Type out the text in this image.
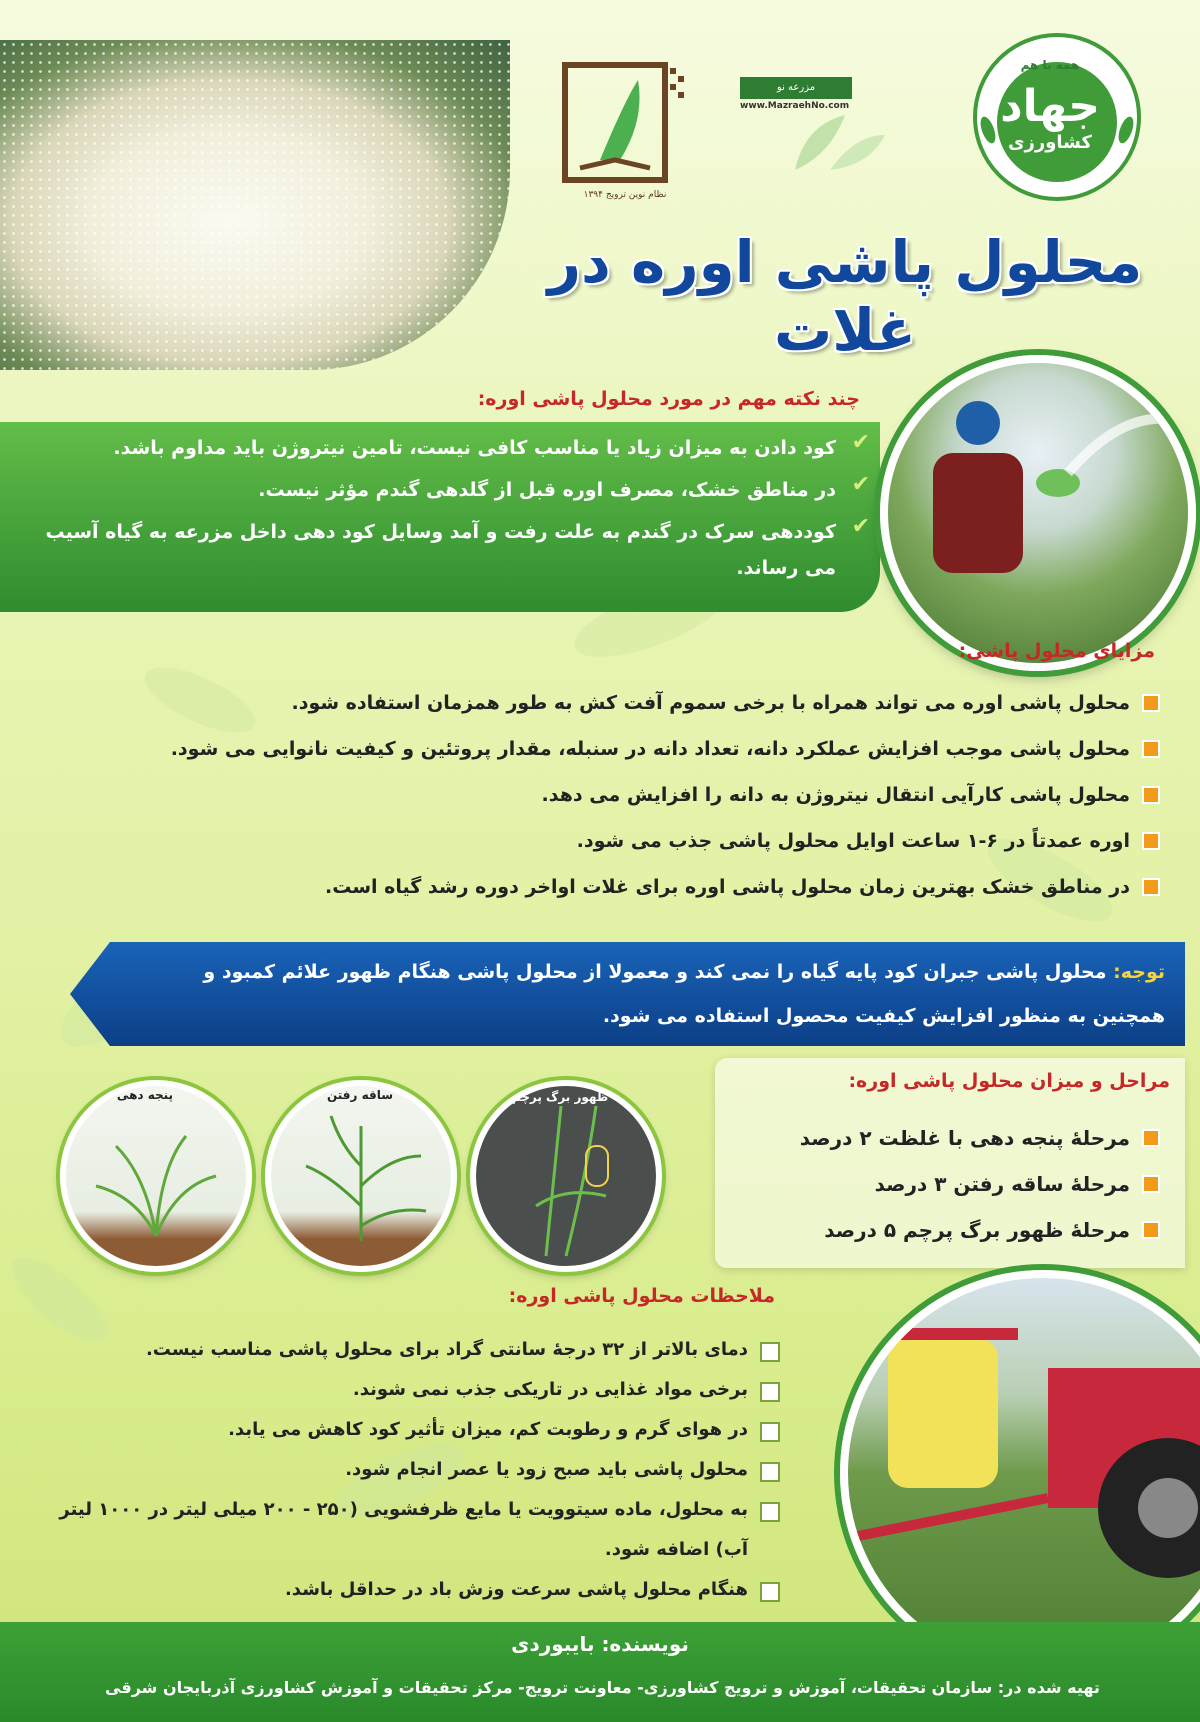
نظام نوین ترویج ۱۳۹۴
مزرعه نو
www.MazraehNo.com
همه با هم
جهاد
کشاورزی
محلول پاشی اوره در غلات
چند نکته مهم در مورد محلول پاشی اوره:
✔
کود دادن به میزان زیاد یا مناسب کافی نیست، تامین نیتروژن باید مداوم باشد.
✔
در مناطق خشک، مصرف اوره قبل از گلدهی گندم مؤثر نیست.
✔
کوددهی سرک در گندم به علت رفت و آمد وسایل کود دهی داخل مزرعه به گیاه آسیب می رساند.
مزایای محلول پاشی:
محلول پاشی اوره می تواند همراه با برخی سموم آفت کش به طور همزمان استفاده شود.
محلول پاشی موجب افزایش عملکرد دانه، تعداد دانه در سنبله، مقدار پروتئین و کیفیت نانوایی می شود.
محلول پاشی کارآیی انتقال نیتروژن به دانه را افزایش می دهد.
اوره عمدتاً در ۶-۱ ساعت اوایل محلول پاشی جذب می شود.
در مناطق خشک بهترین زمان محلول پاشی اوره برای غلات اواخر دوره رشد گیاه است.
توجه: محلول پاشی جبران کود پایه گیاه را نمی کند و معمولا از محلول پاشی هنگام ظهور علائم کمبود و همچنین به منظور افزایش کیفیت محصول استفاده می شود.
پنجه دهی	ساقه رفتن	ظهور برگ پرچم
مراحل و میزان محلول پاشی اوره:
مرحلهٔ پنجه دهی با غلظت ۲ درصد
مرحلهٔ ساقه رفتن ۳ درصد
مرحلهٔ ظهور برگ پرچم ۵ درصد
ملاحظات محلول پاشی اوره:
دمای بالاتر از ۳۲ درجهٔ سانتی گراد برای محلول پاشی مناسب نیست.
برخی مواد غذایی در تاریکی جذب نمی شوند.
در هوای گرم و رطوبت کم، میزان تأثیر کود کاهش می یابد.
محلول پاشی باید صبح زود یا عصر انجام شود.
به محلول، ماده سیتوویت یا مایع ظرفشویی (۲۵۰ - ۲۰۰ میلی لیتر در ۱۰۰۰ لیتر آب) اضافه شود.
هنگام محلول پاشی سرعت وزش باد در حداقل باشد.
نویسنده: بایبوردی
تهیه شده در: سازمان تحقیقات، آموزش و ترویج کشاورزی- معاونت ترویج- مرکز تحقیقات و آموزش کشاورزی آذربایجان شرقی
